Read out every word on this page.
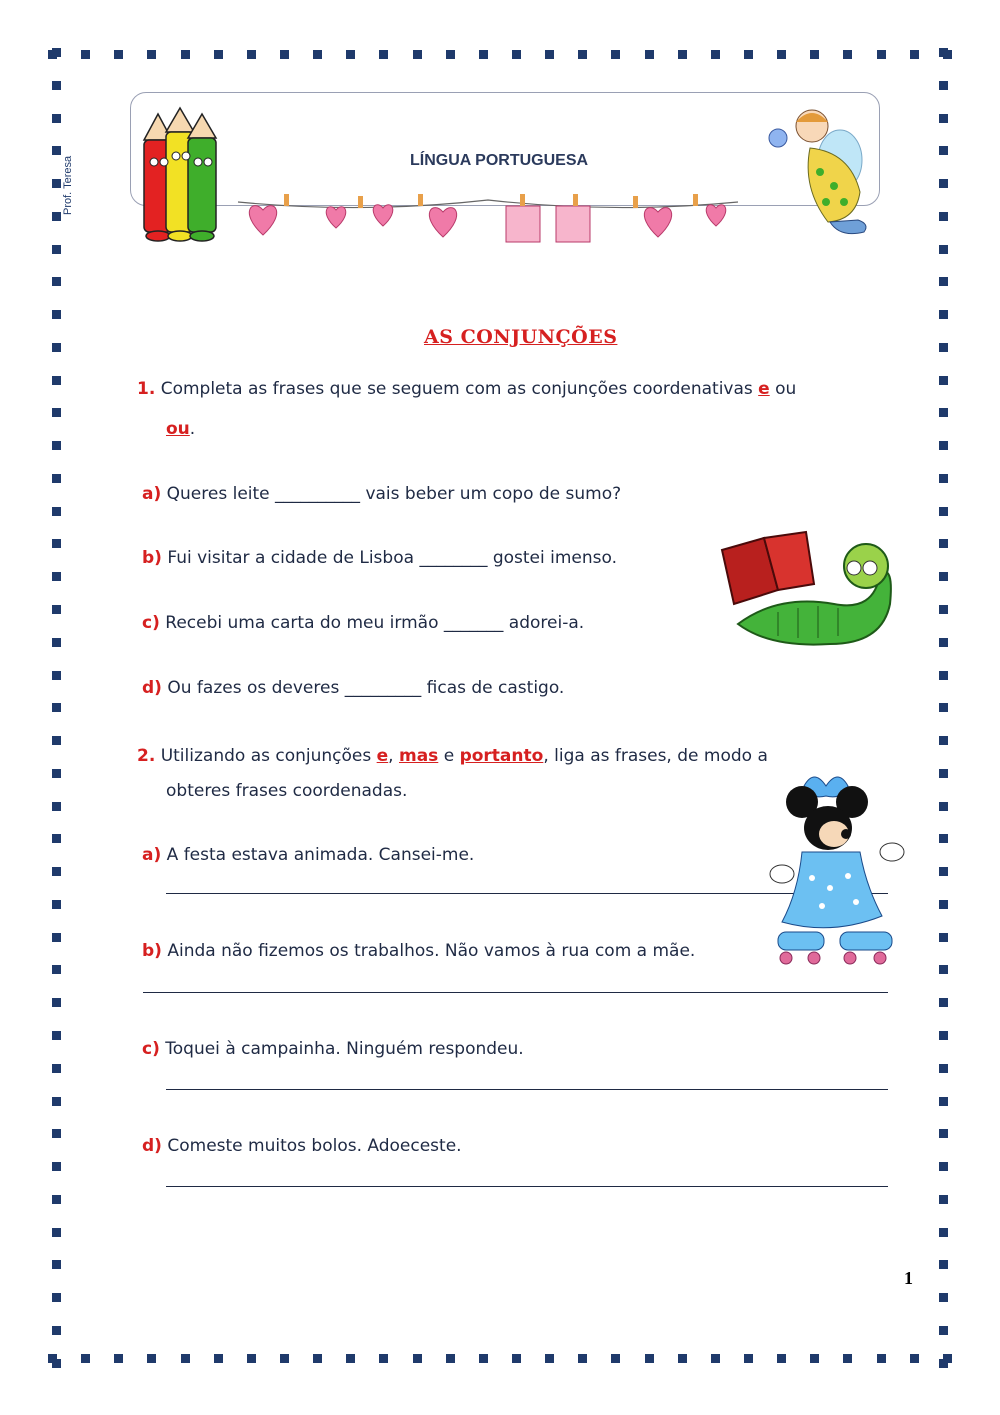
Prof. Teresa	LÍNGUA PORTUGUESA
AS CONJUNÇÕES
1. Completa as frases que se seguem com as conjunções coordenativas e ou
ou.
a) Queres leite __________ vais beber um copo de sumo?
b) Fui visitar a cidade de Lisboa ________ gostei imenso.
c) Recebi uma carta do meu irmão _______ adorei-a.
d) Ou fazes os deveres _________ ficas de castigo.
2. Utilizando as conjunções e, mas e portanto, liga as frases, de modo a
obteres frases coordenadas.
a) A festa estava animada. Cansei-me.
b) Ainda não fizemos os trabalhos. Não vamos à rua com a mãe.
c) Toquei à campainha. Ninguém respondeu.
d) Comeste muitos bolos. Adoeceste.
1
